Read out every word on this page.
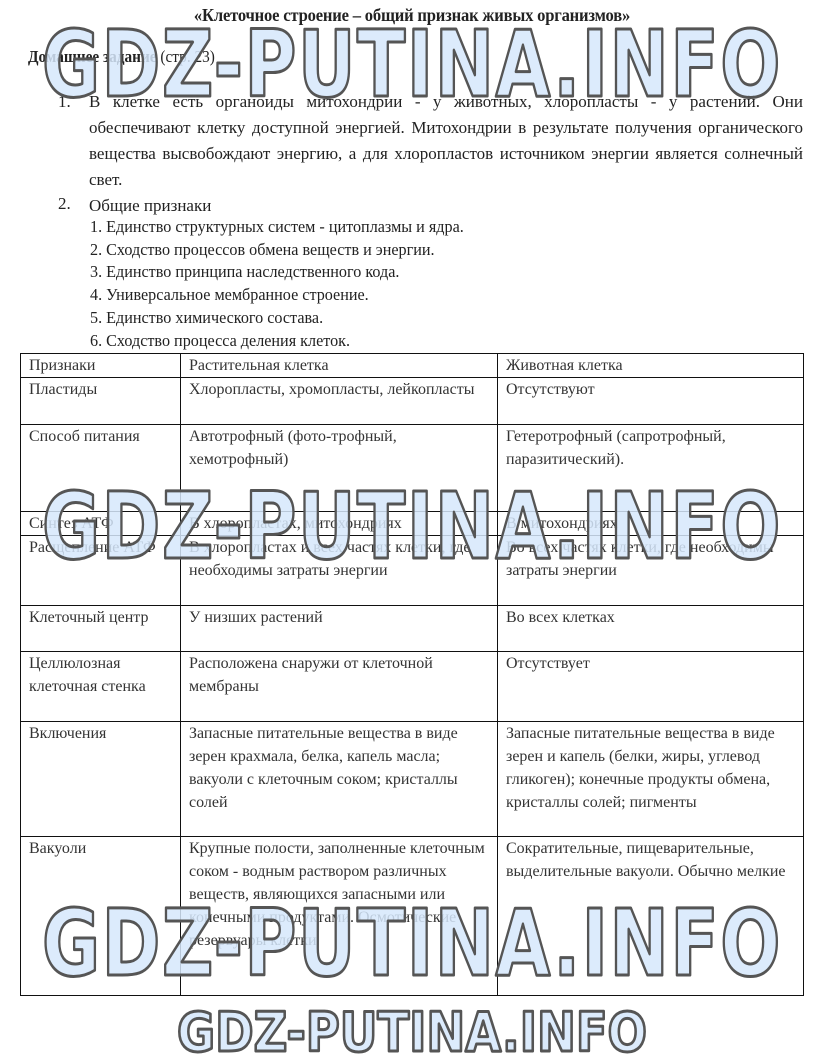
«Клеточное строение – общий признак живых организмов»
Домашнее задание (стр. 23)
1. В клетке есть органоиды митохондрии - у животных, хлоропласты - у растений. Они обеспечивают клетку доступной энергией. Митохондрии в результате получения органического вещества высвобождают энергию, а для хлоропластов источником энергии является солнечный свет.
2. Общие признаки
1. Единство структурных систем - цитоплазмы и ядра.
2. Сходство процессов обмена веществ и энергии.
3. Единство принципа наследственного кода.
4. Универсальное мембранное строение.
5. Единство химического состава.
6. Сходство процесса деления клеток.
Признаки	Растительная клетка	Животная клетка
Пластиды	Хлоропласты, хромопласты, лейкопласты	Отсутствуют
Способ питания	Автотрофный (фото-трофный, хемотрофный)	Гетеротрофный (сапротрофный, паразитический).
Синтез АТФ	В хлоропластах, митохондриях	В митохондриях
Расщепление АТФ	В хлоропластах и всех частях клетки, где необходимы затраты энергии	Во всех частях клетки, где необходимы затраты энергии
Клеточный центр	У низших растений	Во всех клетках
Целлюлозная клеточная стенка	Расположена снаружи от клеточной мембраны	Отсутствует
Включения	Запасные питательные вещества в виде зерен крахмала, белка, капель масла; вакуоли с клеточным соком; кристаллы солей	Запасные питательные вещества в виде зерен и капель (белки, жиры, углевод гликоген); конечные продукты обмена, кристаллы солей; пигменты
Вакуоли	Крупные полости, заполненные клеточным соком - водным раствором различных веществ, являющихся запасными или конечными продуктами. Осмотические резервуары клетки	Сократительные, пищеварительные, выделительные вакуоли. Обычно мелкие
GDZ-PUTINA.INFO
GDZ-PUTINA.INFO
GDZ-PUTINA.INFO
GDZ-PUTINA.INFO
